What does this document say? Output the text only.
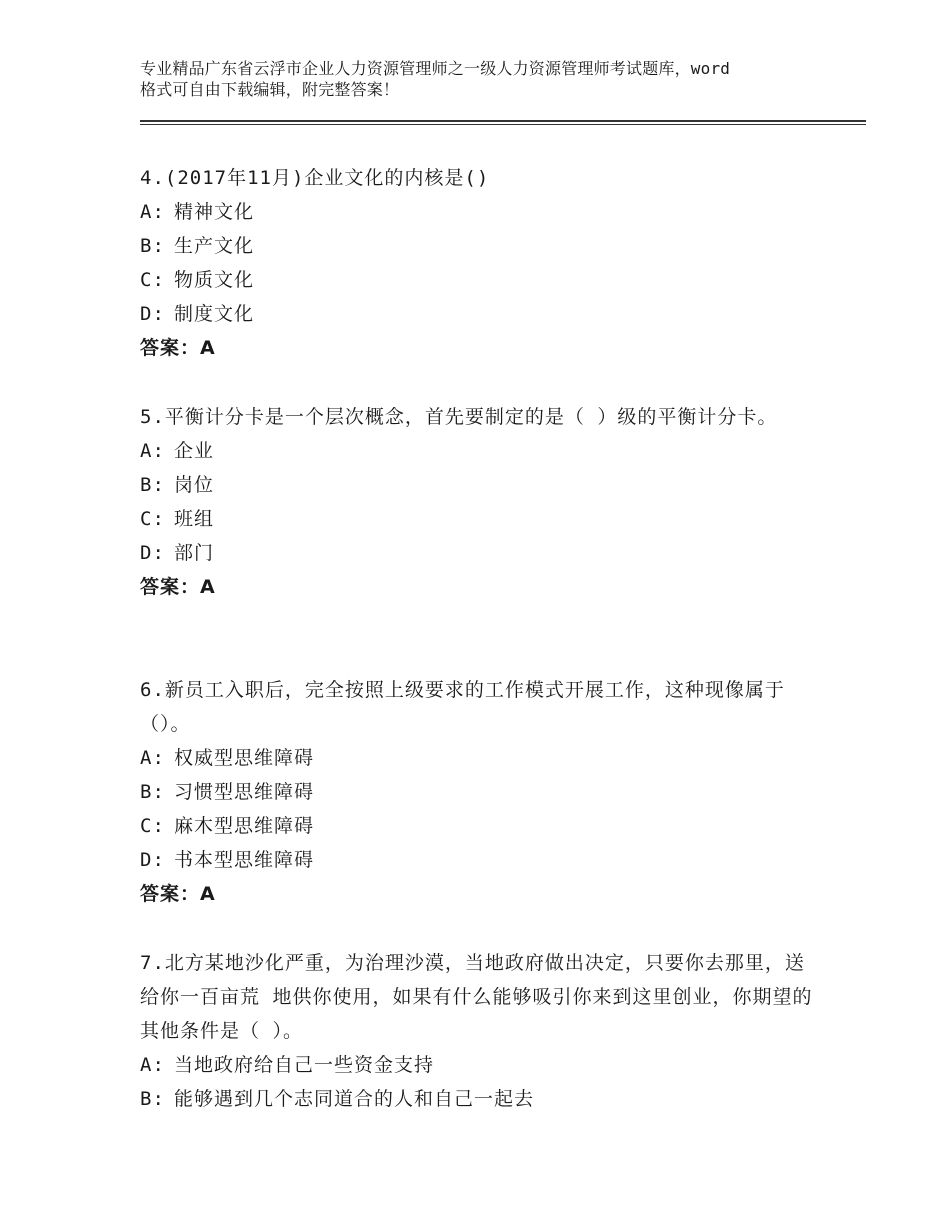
专业精品广东省云浮市企业人力资源管理师之一级人力资源管理师考试题库，word
格式可自由下载编辑，附完整答案！
4.(2017年11月)企业文化的内核是()
A: 精神文化
B: 生产文化
C: 物质文化
D: 制度文化
答案：A
5.平衡计分卡是一个层次概念，首先要制定的是（ ）级的平衡计分卡。
A: 企业
B: 岗位
C: 班组
D: 部门
答案：A
6.新员工入职后，完全按照上级要求的工作模式开展工作，这种现像属于（）。
A: 权威型思维障碍
B: 习惯型思维障碍
C: 麻木型思维障碍
D: 书本型思维障碍
答案：A
7.北方某地沙化严重，为治理沙漠，当地政府做出决定，只要你去那里，送给你一百亩荒 地供你使用，如果有什么能够吸引你来到这里创业，你期望的其他条件是（ ）。
A: 当地政府给自己一些资金支持
B: 能够遇到几个志同道合的人和自己一起去
